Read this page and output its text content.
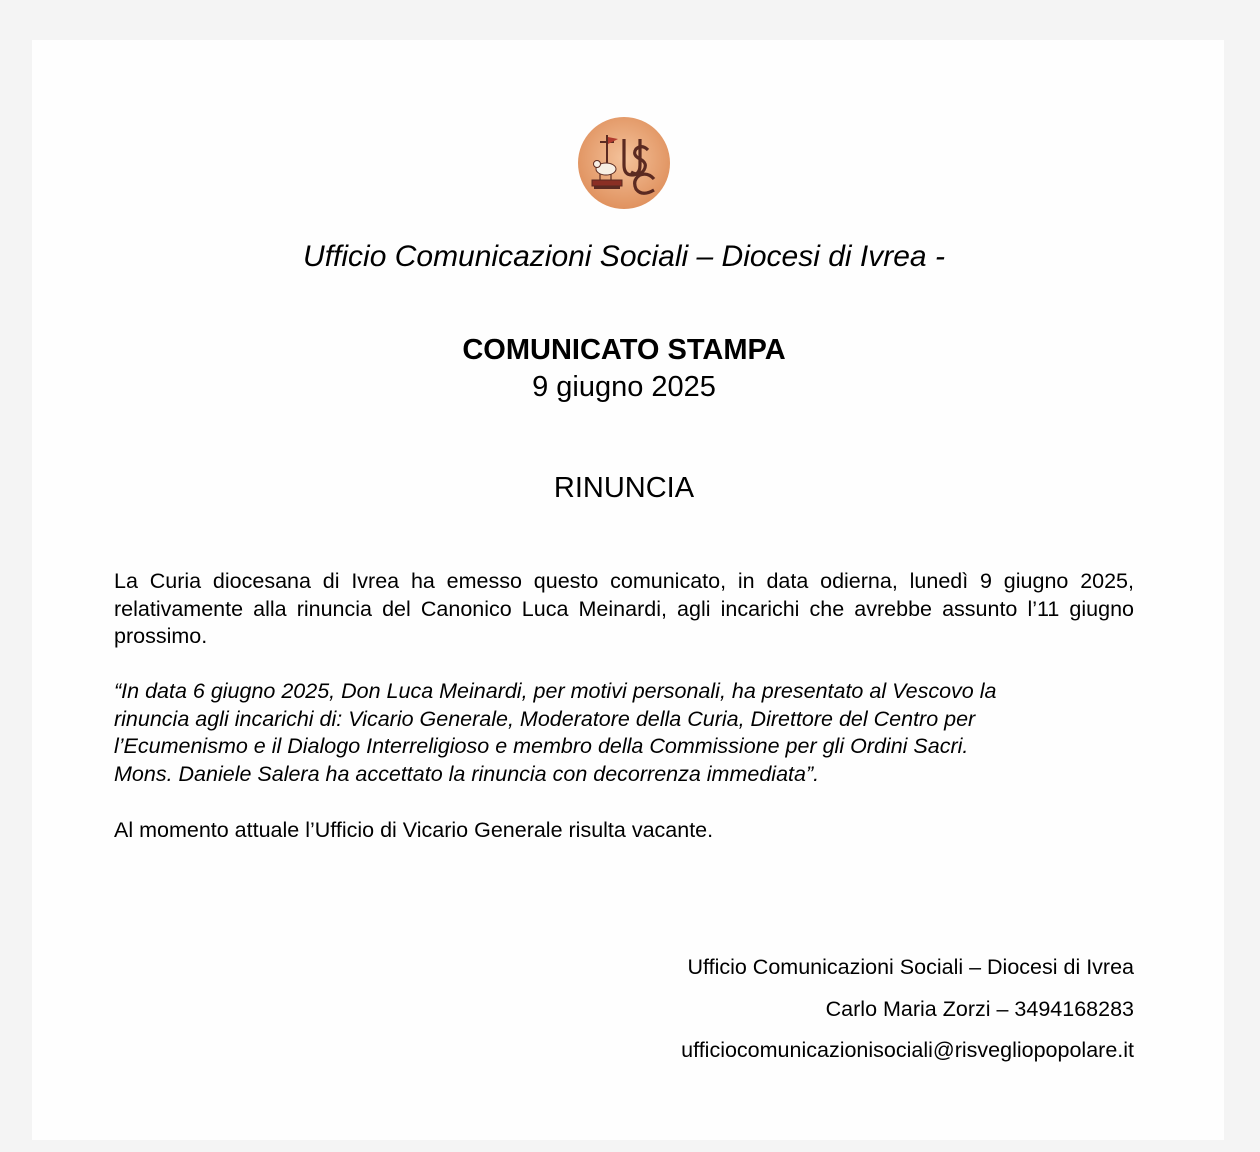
Ufficio Comunicazioni Sociali – Diocesi di Ivrea -
COMUNICATO STAMPA
9 giugno 2025
RINUNCIA

La Curia diocesana di Ivrea ha emesso questo comunicato, in data odierna, lunedì 9 giugno 2025, relativamente alla rinuncia del Canonico Luca Meinardi, agli incarichi che avrebbe assunto l’11 giugno prossimo.

“In data 6 giugno 2025, Don Luca Meinardi, per motivi personali, ha presentato al Vescovo la
rinuncia agli incarichi di: Vicario Generale, Moderatore della Curia, Direttore del Centro per
l’Ecumenismo e il Dialogo Interreligioso e membro della Commissione per gli Ordini Sacri.
Mons. Daniele Salera ha accettato la rinuncia con decorrenza immediata”.

Al momento attuale l’Ufficio di Vicario Generale risulta vacante.

Ufficio Comunicazioni Sociali – Diocesi di Ivrea
Carlo Maria Zorzi – 3494168283
ufficiocomunicazionisociali@risvegliopopolare.it
